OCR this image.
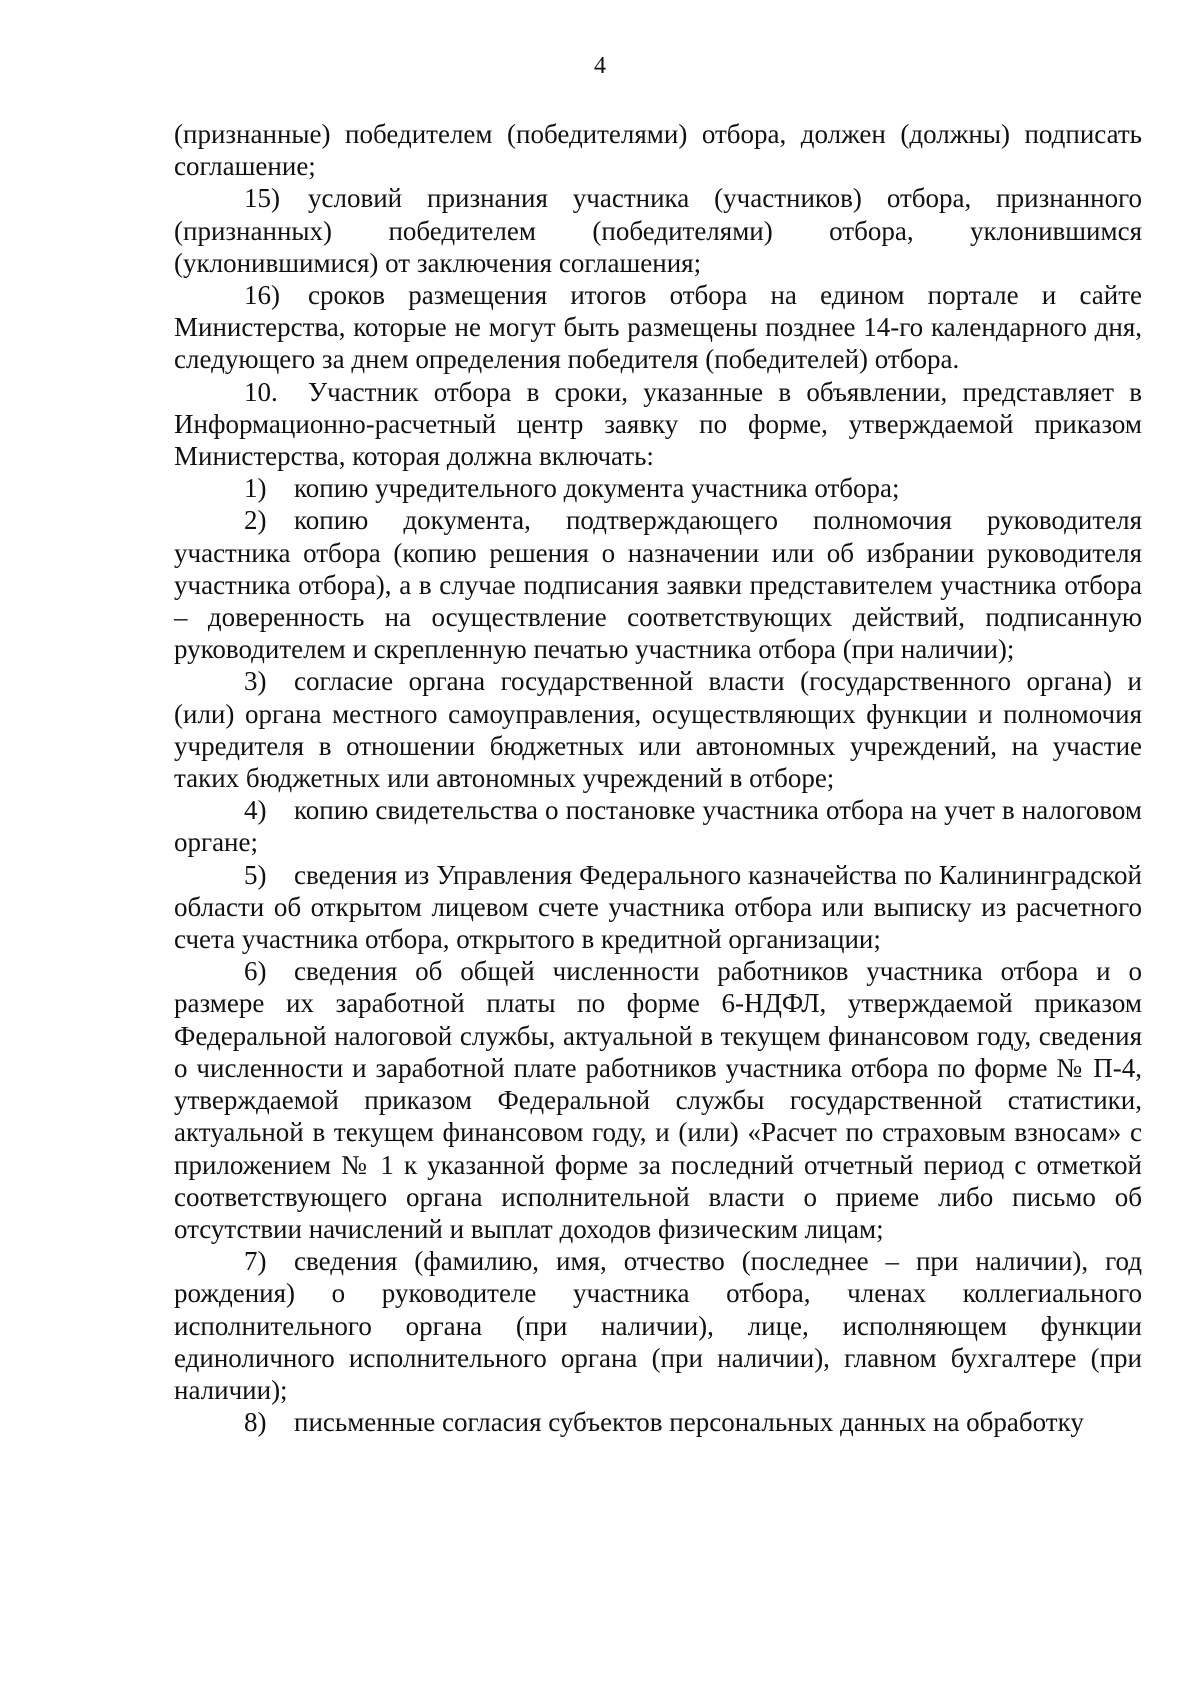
4

(признанные) победителем (победителями) отбора, должен (должны) подписать соглашение;

15) условий признания участника (участников) отбора, признанного (признанных) победителем (победителями) отбора, уклонившимся (уклонившимися) от заключения соглашения;

16) сроков размещения итогов отбора на едином портале и сайте Министерства, которые не могут быть размещены позднее 14-го календарного дня, следующего за днем определения победителя (победителей) отбора.

10. Участник отбора в сроки, указанные в объявлении, представляет в Информационно-расчетный центр заявку по форме, утверждаемой приказом Министерства, которая должна включать:

1) копию учредительного документа участника отбора;

2) копию документа, подтверждающего полномочия руководителя участника отбора (копию решения о назначении или об избрании руководителя участника отбора), а в случае подписания заявки представителем участника отбора – доверенность на осуществление соответствующих действий, подписанную руководителем и скрепленную печатью участника отбора (при наличии);

3) согласие органа государственной власти (государственного органа) и (или) органа местного самоуправления, осуществляющих функции и полномочия учредителя в отношении бюджетных или автономных учреждений, на участие таких бюджетных или автономных учреждений в отборе;

4) копию свидетельства о постановке участника отбора на учет в налоговом органе;

5) сведения из Управления Федерального казначейства по Калининградской области об открытом лицевом счете участника отбора или выписку из расчетного счета участника отбора, открытого в кредитной организации;

6) сведения об общей численности работников участника отбора и о размере их заработной платы по форме 6-НДФЛ, утверждаемой приказом Федеральной налоговой службы, актуальной в текущем финансовом году, сведения о численности и заработной плате работников участника отбора по форме № П-4, утверждаемой приказом Федеральной службы государственной статистики, актуальной в текущем финансовом году, и (или) «Расчет по страховым взносам» с приложением № 1 к указанной форме за последний отчетный период с отметкой соответствующего органа исполнительной власти о приеме либо письмо об отсутствии начислений и выплат доходов физическим лицам;

7) сведения (фамилию, имя, отчество (последнее – при наличии), год рождения) о руководителе участника отбора, членах коллегиального исполнительного органа (при наличии), лице, исполняющем функции единоличного исполнительного органа (при наличии), главном бухгалтере (при наличии);

8) письменные согласия субъектов персональных данных на обработку
